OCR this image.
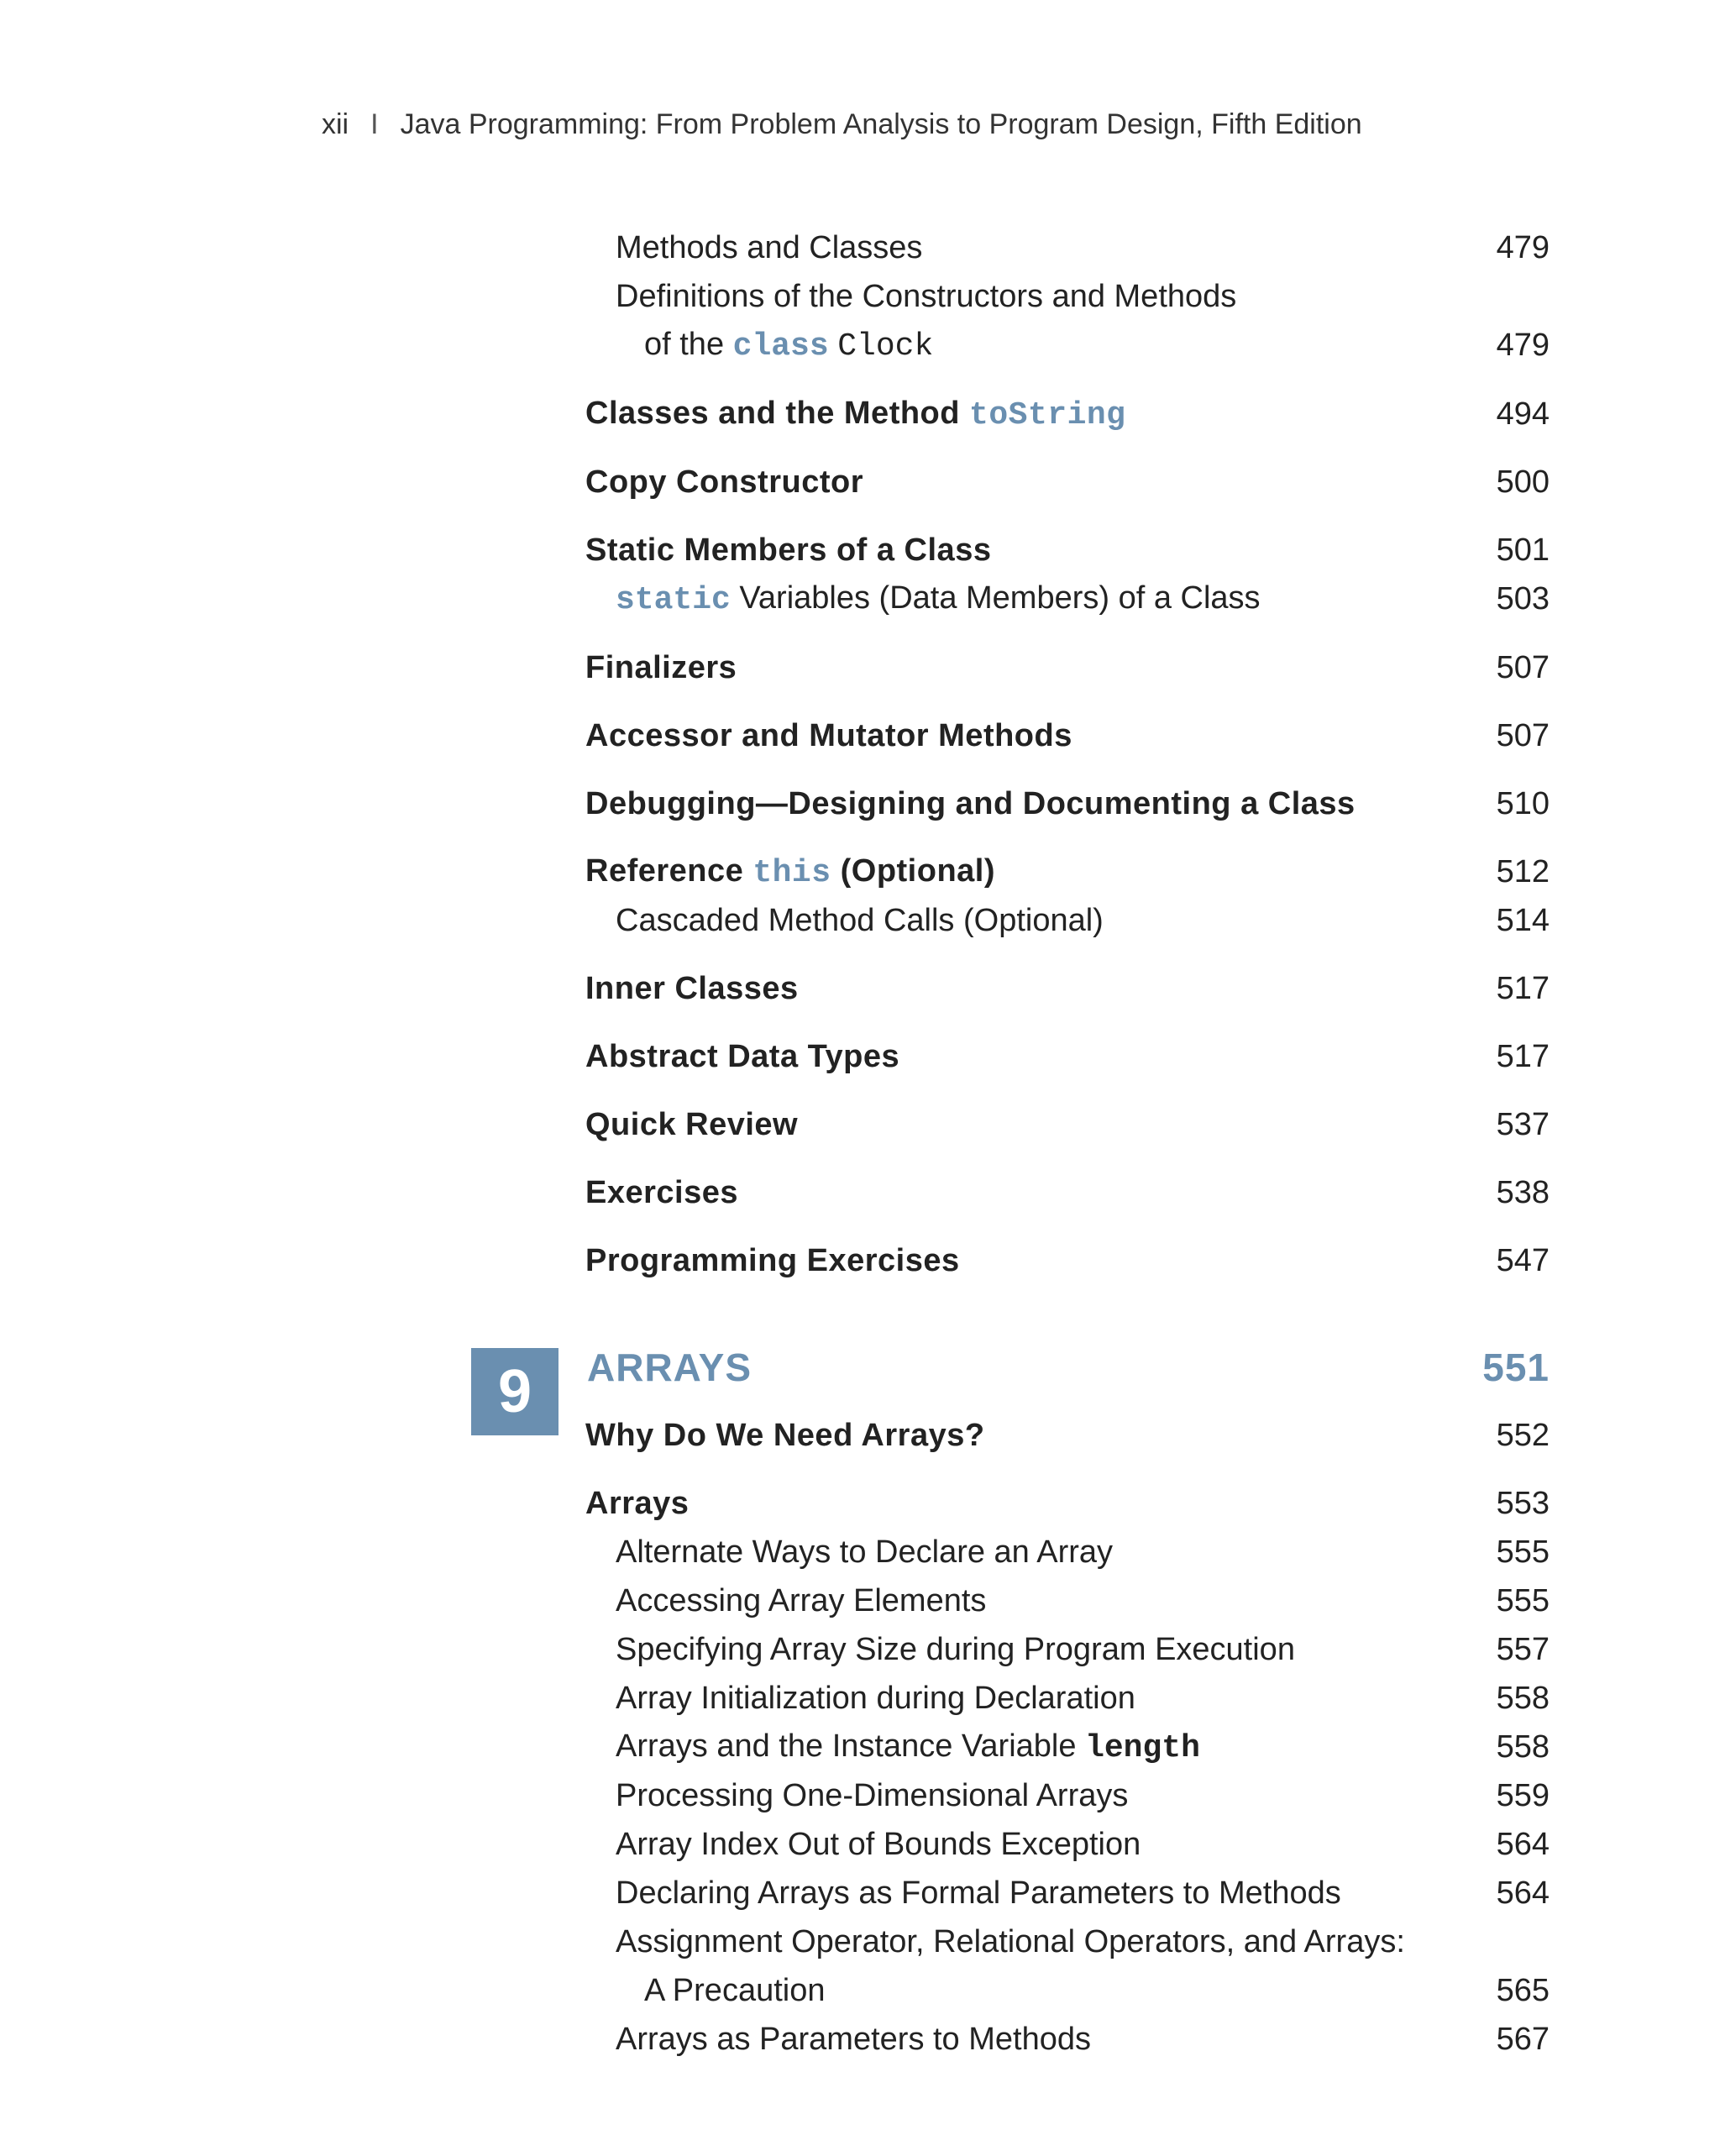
xii I Java Programming: From Problem Analysis to Program Design, Fifth Edition
Methods and Classes	479
Definitions of the Constructors and Methods
of the class Clock	479
Classes and the Method toString	494
Copy Constructor	500
Static Members of a Class	501
static Variables (Data Members) of a Class	503
Finalizers	507
Accessor and Mutator Methods	507
Debugging—Designing and Documenting a Class	510
Reference this (Optional)	512
Cascaded Method Calls (Optional)	514
Inner Classes	517
Abstract Data Types	517
Quick Review	537
Exercises	538
Programming Exercises	547
9	ARRAYS	551
Why Do We Need Arrays?	552
Arrays	553
Alternate Ways to Declare an Array	555
Accessing Array Elements	555
Specifying Array Size during Program Execution	557
Array Initialization during Declaration	558
Arrays and the Instance Variable length	558
Processing One-Dimensional Arrays	559
Array Index Out of Bounds Exception	564
Declaring Arrays as Formal Parameters to Methods	564
Assignment Operator, Relational Operators, and Arrays:
A Precaution	565
Arrays as Parameters to Methods	567
